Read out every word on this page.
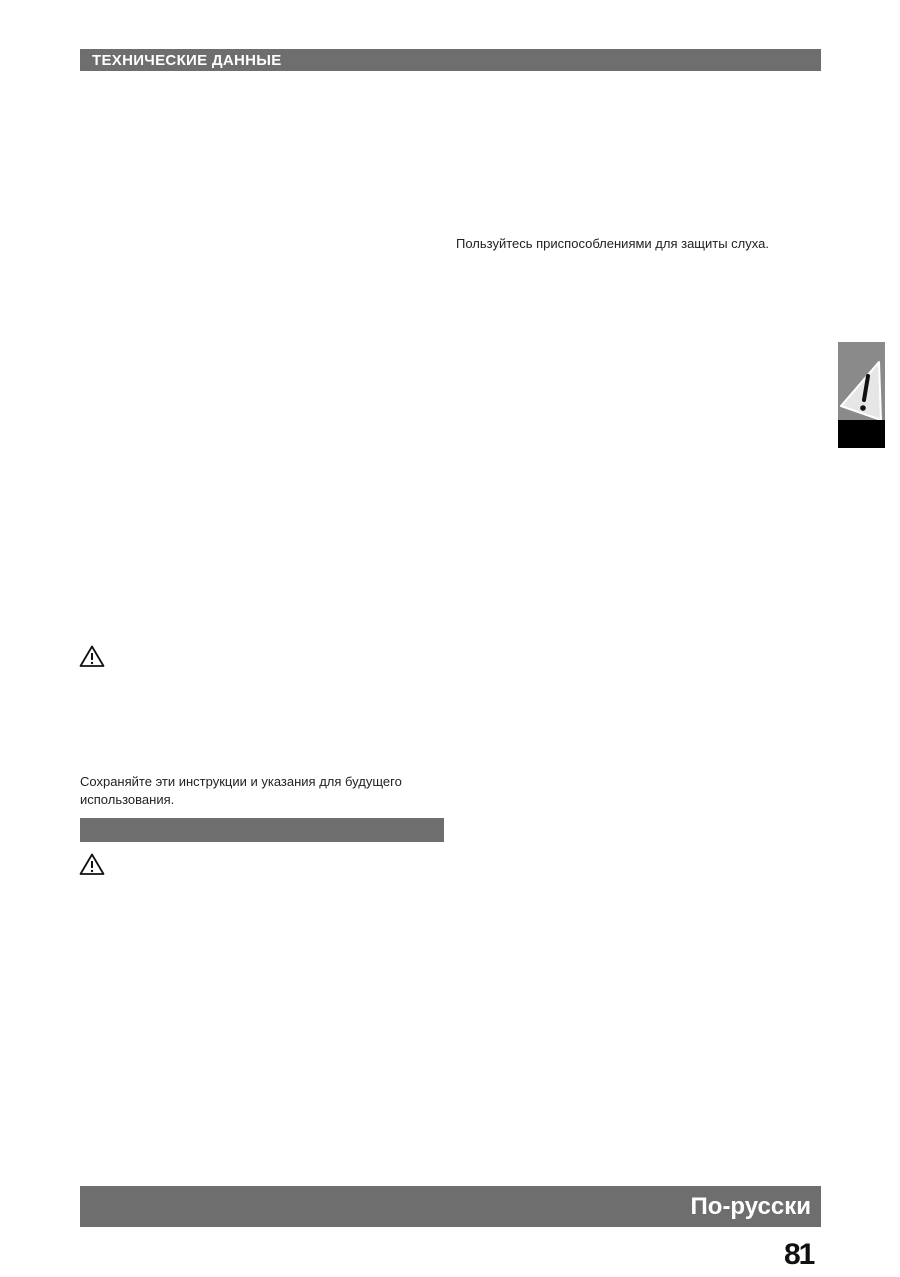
ТЕХНИЧЕСКИЕ ДАННЫЕ
Пользуйтесь приспособлениями для защиты слуха.
Сохраняйте эти инструкции и указания для будущего использования.
По-русски
81
